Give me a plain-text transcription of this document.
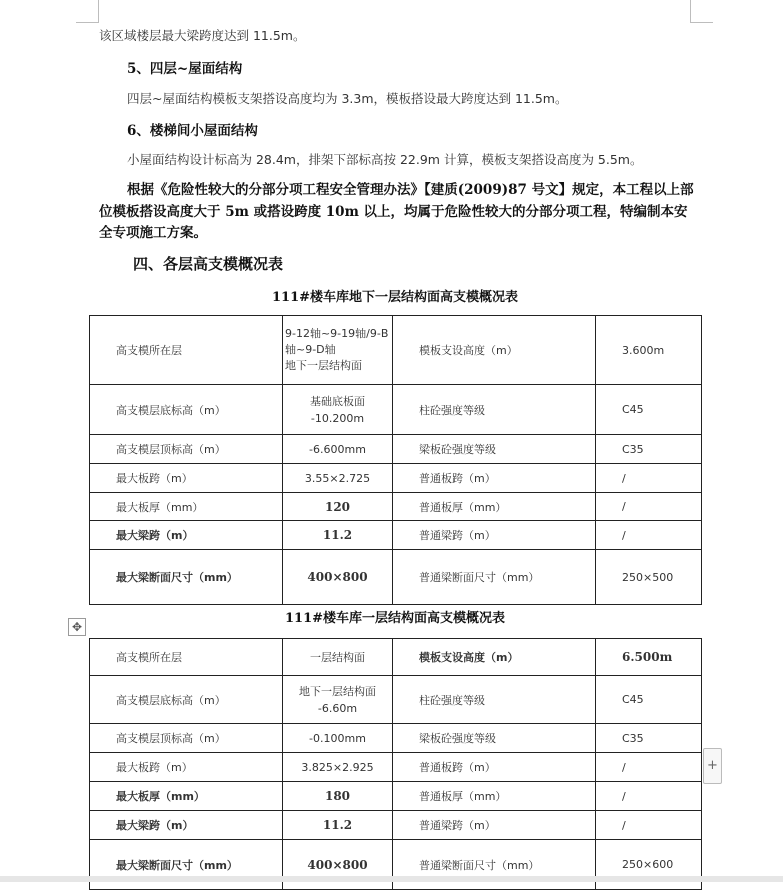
该区域楼层最大梁跨度达到 11.5m。
5、四层~屋面结构
四层~屋面结构模板支架搭设高度均为 3.3m，模板搭设最大跨度达到 11.5m。
6、楼梯间小屋面结构
小屋面结构设计标高为 28.4m，排架下部标高按 22.9m 计算，模板支架搭设高度为 5.5m。
根据《危险性较大的分部分项工程安全管理办法》【建质(2009)87 号文】规定，本工程以上部
位模板搭设高度大于 5m 或搭设跨度 10m 以上，均属于危险性较大的分部分项工程，特编制本安
全专项施工方案。
四、各层高支模概况表
111#楼车库地下一层结构面高支模概况表
高支模所在层	9-12轴~9-19轴/9-B
轴~9-D轴
地下一层结构面	模板支设高度（m）	3.600m
高支模层底标高（m）	基础底板面
-10.200m	柱砼强度等级	C45
高支模层顶标高（m）	-6.600mm	梁板砼强度等级	C35
最大板跨（m）	3.55×2.725	普通板跨（m）	/
最大板厚（mm）	120	普通板厚（mm）	/
最大梁跨（m）	11.2	普通梁跨（m）	/
最大梁断面尺寸（mm）	400×800	普通梁断面尺寸（mm）	250×500
111#楼车库一层结构面高支模概况表
✥
高支模所在层	一层结构面	模板支设高度（m）	6.500m
高支模层底标高（m）	地下一层结构面
-6.60m	柱砼强度等级	C45
高支模层顶标高（m）	-0.100mm	梁板砼强度等级	C35
最大板跨（m）	3.825×2.925	普通板跨（m）	/
最大板厚（mm）	180	普通板厚（mm）	/
最大梁跨（m）	11.2	普通梁跨（m）	/
最大梁断面尺寸（mm）	400×800	普通梁断面尺寸（mm）	250×600
+
